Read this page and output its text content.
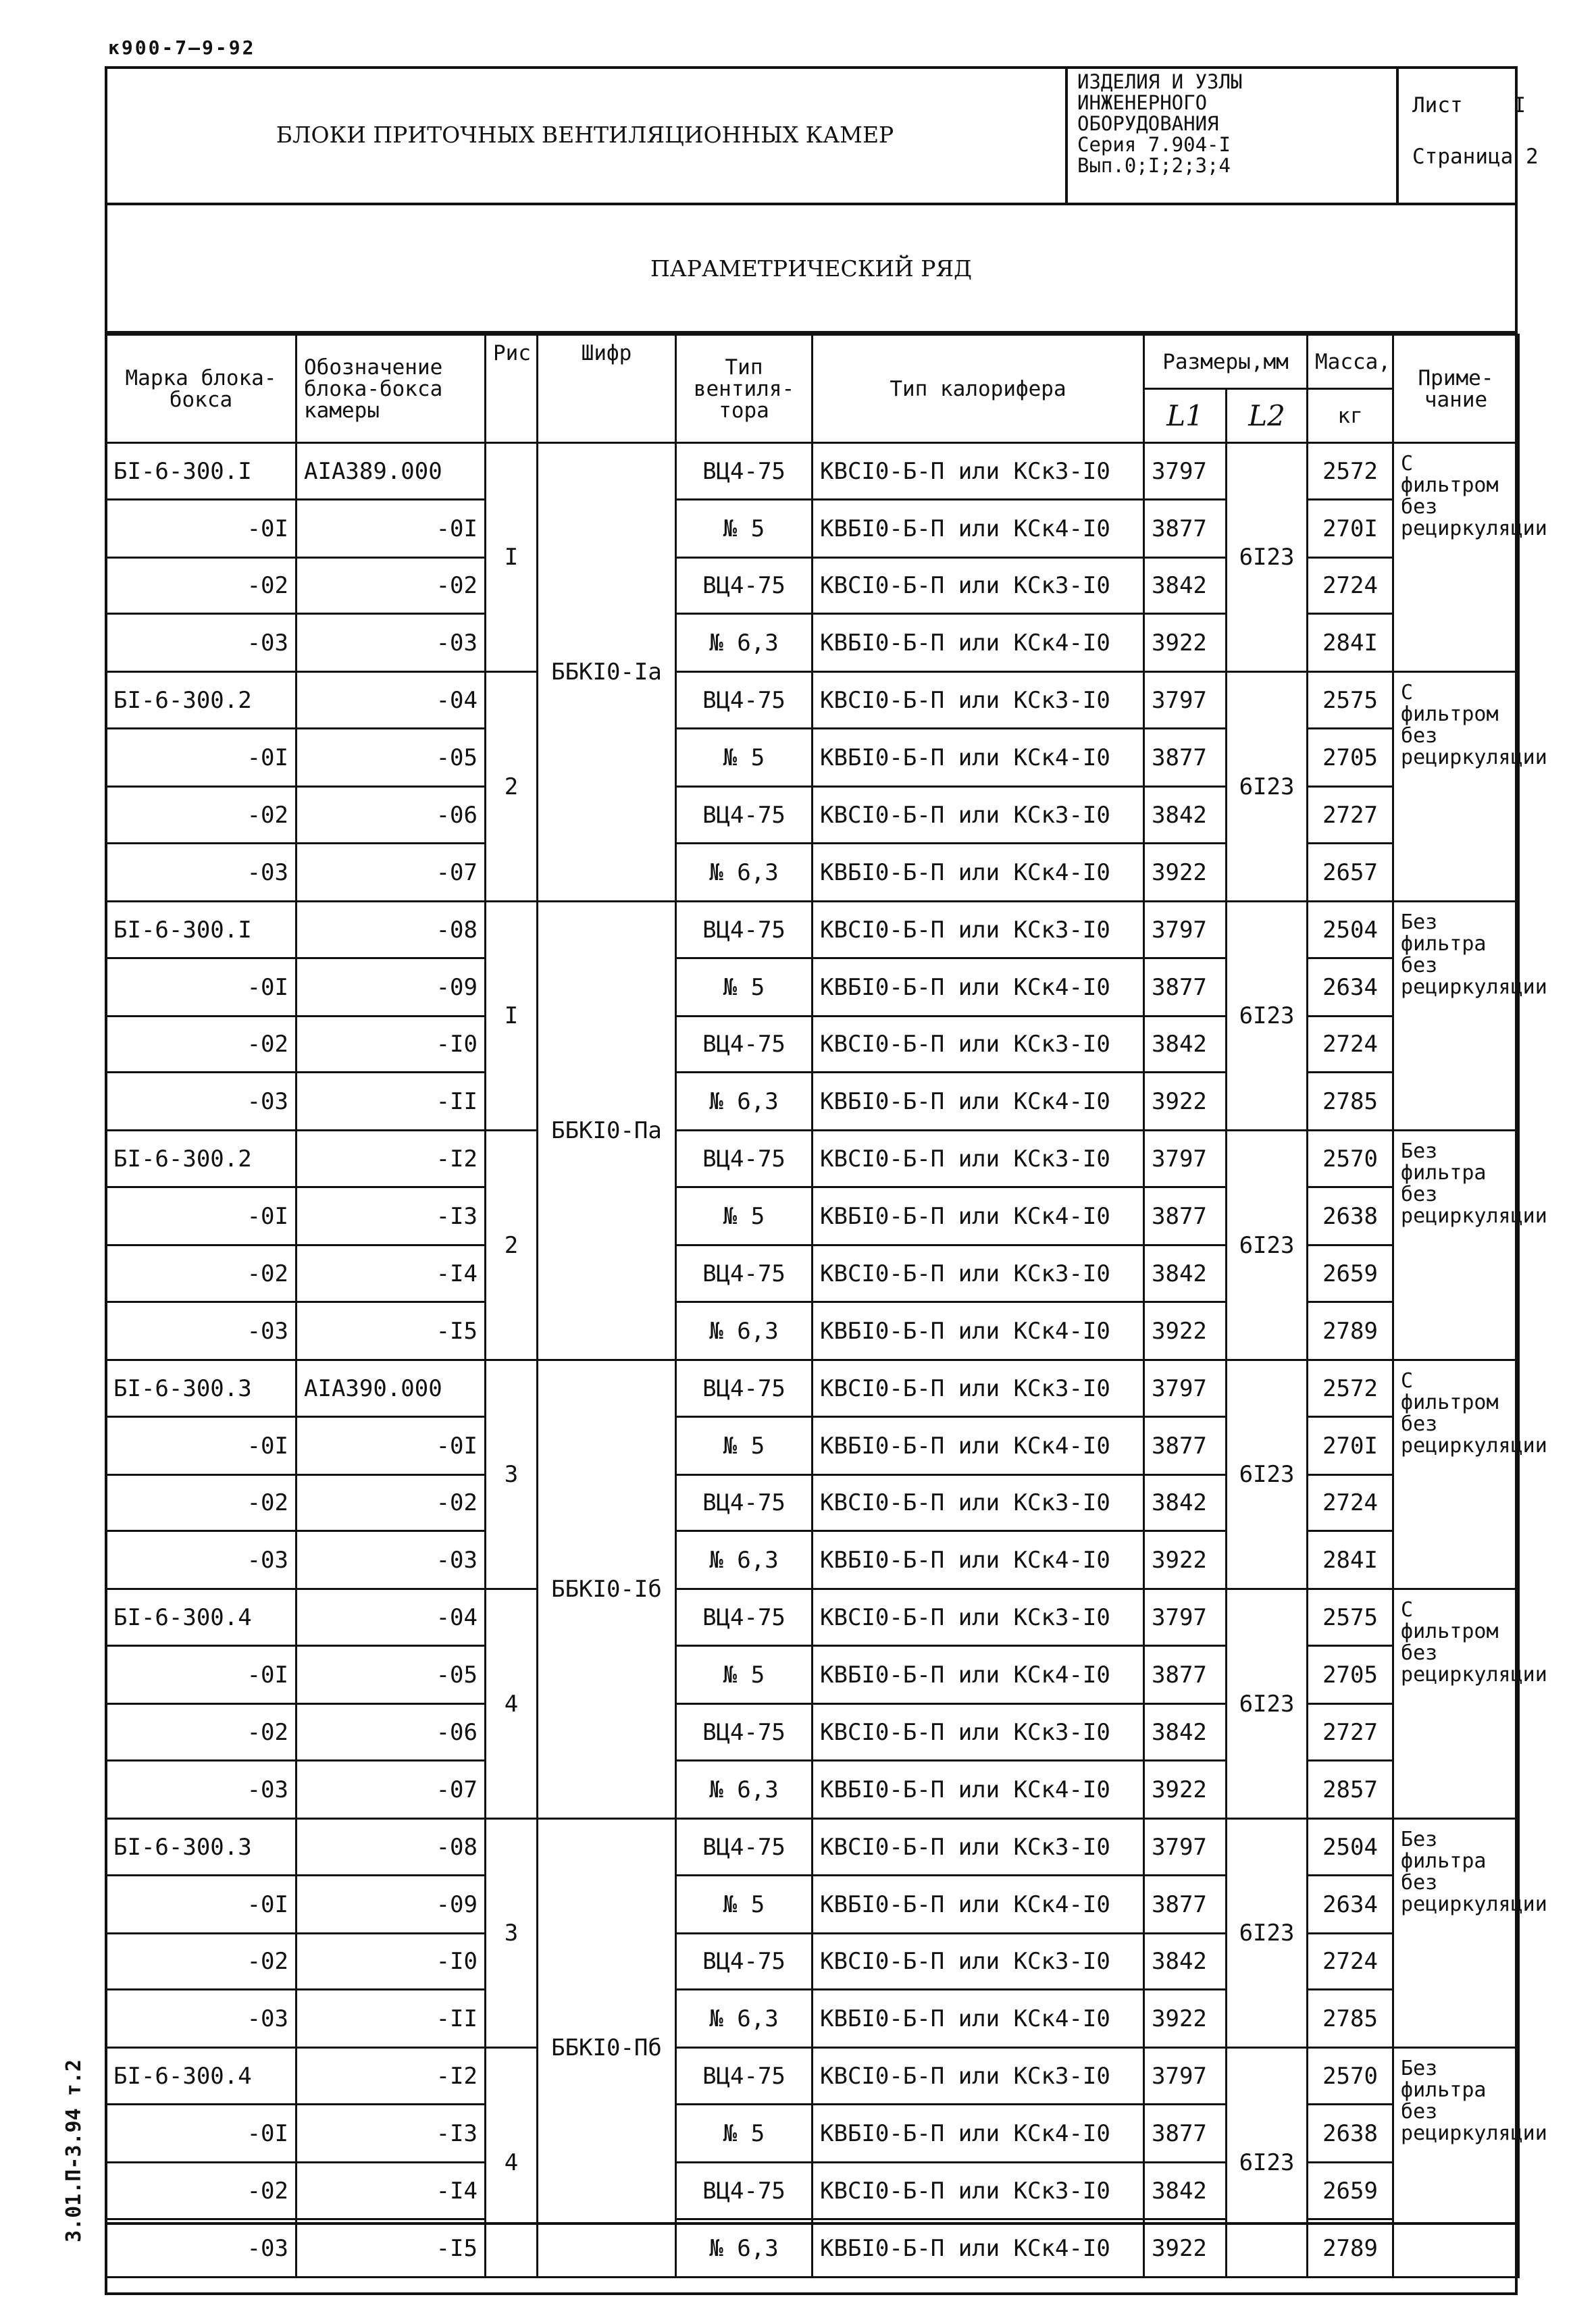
к900-7—9-92
3.01.П-3.94 т.2
БЛОКИ ПРИТОЧНЫХ ВЕНТИЛЯЦИОННЫХ КАМЕР
ИЗДЕЛИЯ И УЗЛЫ
ИНЖЕНЕРНОГО
ОБОРУДОВАНИЯ
Серия 7.904-I
Вып.0;I;2;3;4
Лист I
Страница 2
ПАРАМЕТРИЧЕСКИЙ РЯД
Марка блока-бокса	Обозначение блока-бокса камеры	Рис	Шифр	Тип вентиля-тора	Тип калорифера	Размеры,мм		Масса,	Приме-чание
						L1	L2	кг	
БI-6-300.I	АIА389.000	I	ББКI0-Iа	ВЦ4-75	КВСI0-Б-П или КСк3-I0	3797	6I23	2572	С фильтром без рециркуляции
-0I	-0I			№ 5	КВБI0-Б-П или КСк4-I0	3877		270I	
-02	-02			ВЦ4-75	КВСI0-Б-П или КСк3-I0	3842		2724	
-03	-03			№ 6,3	КВБI0-Б-П или КСк4-I0	3922		284I	
БI-6-300.2	-04	2		ВЦ4-75	КВСI0-Б-П или КСк3-I0	3797	6I23	2575	С фильтром без рециркуляции
-0I	-05			№ 5	КВБI0-Б-П или КСк4-I0	3877		2705	
-02	-06			ВЦ4-75	КВСI0-Б-П или КСк3-I0	3842		2727	
-03	-07			№ 6,3	КВБI0-Б-П или КСк4-I0	3922		2657	
БI-6-300.I	-08	I	ББКI0-Па	ВЦ4-75	КВСI0-Б-П или КСк3-I0	3797	6I23	2504	Без фильтра без рециркуляции
-0I	-09			№ 5	КВБI0-Б-П или КСк4-I0	3877		2634	
-02	-I0			ВЦ4-75	КВСI0-Б-П или КСк3-I0	3842		2724	
-03	-II			№ 6,3	КВБI0-Б-П или КСк4-I0	3922		2785	
БI-6-300.2	-I2	2		ВЦ4-75	КВСI0-Б-П или КСк3-I0	3797	6I23	2570	Без фильтра без рециркуляции
-0I	-I3			№ 5	КВБI0-Б-П или КСк4-I0	3877		2638	
-02	-I4			ВЦ4-75	КВСI0-Б-П или КСк3-I0	3842		2659	
-03	-I5			№ 6,3	КВБI0-Б-П или КСк4-I0	3922		2789	
БI-6-300.3	АIА390.000	3	ББКI0-Iб	ВЦ4-75	КВСI0-Б-П или КСк3-I0	3797	6I23	2572	С фильтром без рециркуляции
-0I	-0I			№ 5	КВБI0-Б-П или КСк4-I0	3877		270I	
-02	-02			ВЦ4-75	КВСI0-Б-П или КСк3-I0	3842		2724	
-03	-03			№ 6,3	КВБI0-Б-П или КСк4-I0	3922		284I	
БI-6-300.4	-04	4		ВЦ4-75	КВСI0-Б-П или КСк3-I0	3797	6I23	2575	С фильтром без рециркуляции
-0I	-05			№ 5	КВБI0-Б-П или КСк4-I0	3877		2705	
-02	-06			ВЦ4-75	КВСI0-Б-П или КСк3-I0	3842		2727	
-03	-07			№ 6,3	КВБI0-Б-П или КСк4-I0	3922		2857	
БI-6-300.3	-08	3	ББКI0-Пб	ВЦ4-75	КВСI0-Б-П или КСк3-I0	3797	6I23	2504	Без фильтра без рециркуляции
-0I	-09			№ 5	КВБI0-Б-П или КСк4-I0	3877		2634	
-02	-I0			ВЦ4-75	КВСI0-Б-П или КСк3-I0	3842		2724	
-03	-II			№ 6,3	КВБI0-Б-П или КСк4-I0	3922		2785	
БI-6-300.4	-I2	4		ВЦ4-75	КВСI0-Б-П или КСк3-I0	3797	6I23	2570	Без фильтра без рециркуляции
-0I	-I3			№ 5	КВБI0-Б-П или КСк4-I0	3877		2638	
-02	-I4			ВЦ4-75	КВСI0-Б-П или КСк3-I0	3842		2659	
-03	-I5			№ 6,3	КВБI0-Б-П или КСк4-I0	3922		2789	
